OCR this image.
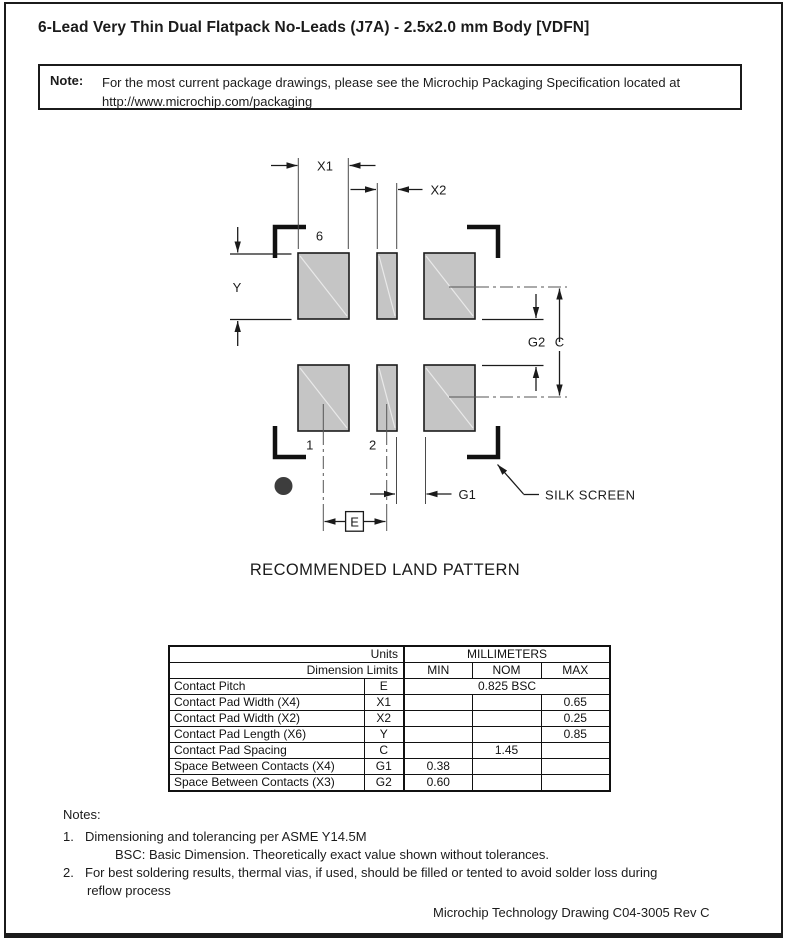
6-Lead Very Thin Dual Flatpack No-Leads (J7A) - 2.5x2.0 mm Body [VDFN]
Note: For the most current package drawings, please see the Microchip Packaging Specification located at
http://www.microchip.com/packaging
X1
X2
Y
G2 C
G1
E
6
1	2
SILK SCREEN
RECOMMENDED LAND PATTERN
Units		MILLIMETERS		
Dimension Limits		MIN	NOM	MAX
Contact Pitch	E	0.825 BSC		
Contact Pad Width (X4)	X1			0.65
Contact Pad Width (X2)	X2			0.25
Contact Pad Length (X6)	Y			0.85
Contact Pad Spacing	C		1.45	
Space Between Contacts (X4)	G1	0.38		
Space Between Contacts (X3)	G2	0.60		
Notes:
1. Dimensioning and tolerancing per ASME Y14.5M
BSC: Basic Dimension. Theoretically exact value shown without tolerances.
2. For best soldering results, thermal vias, if used, should be filled or tented to avoid solder loss during
reflow process
Microchip Technology Drawing C04-3005 Rev C
